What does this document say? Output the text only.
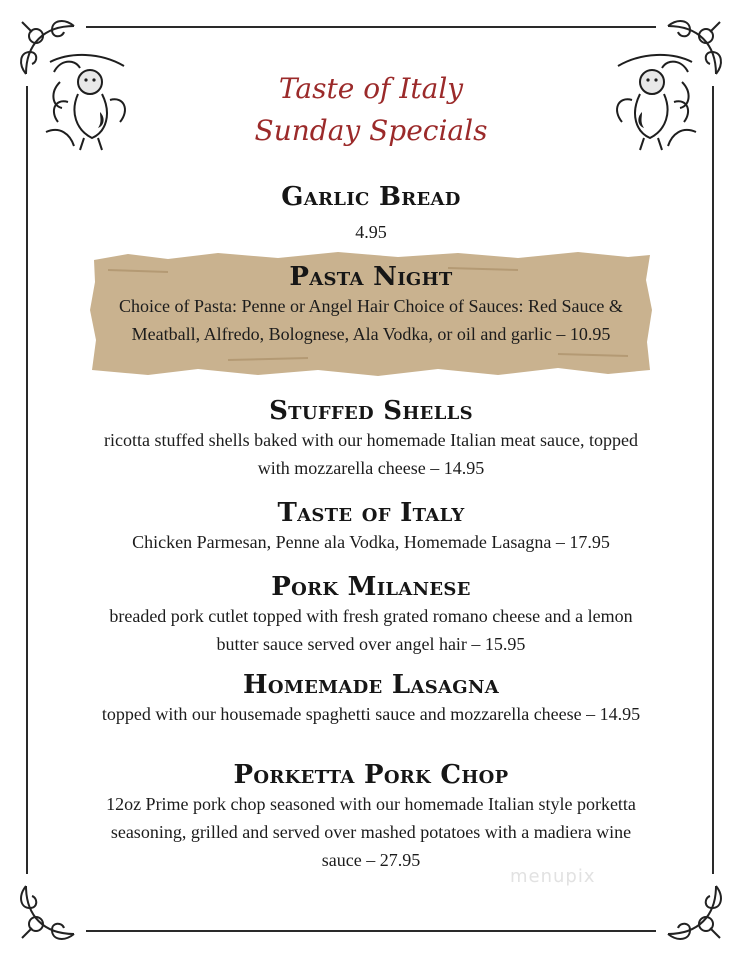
Taste of Italy
Sunday Specials
Garlic Bread
4.95
Pasta Night
Choice of Pasta: Penne or Angel Hair Choice of Sauces: Red Sauce & Meatball, Alfredo, Bolognese, Ala Vodka, or oil and garlic – 10.95
Stuffed Shells
ricotta stuffed shells baked with our homemade Italian meat sauce, topped with mozzarella cheese – 14.95
Taste of Italy
Chicken Parmesan, Penne ala Vodka, Homemade Lasagna – 17.95
Pork Milanese
breaded pork cutlet topped with fresh grated romano cheese and a lemon butter sauce served over angel hair – 15.95
Homemade Lasagna
topped with our housemade spaghetti sauce and mozzarella cheese – 14.95
Porketta Pork Chop
12oz Prime pork chop seasoned with our homemade Italian style porketta seasoning, grilled and served over mashed potatoes with a madiera wine sauce – 27.95
menupix
